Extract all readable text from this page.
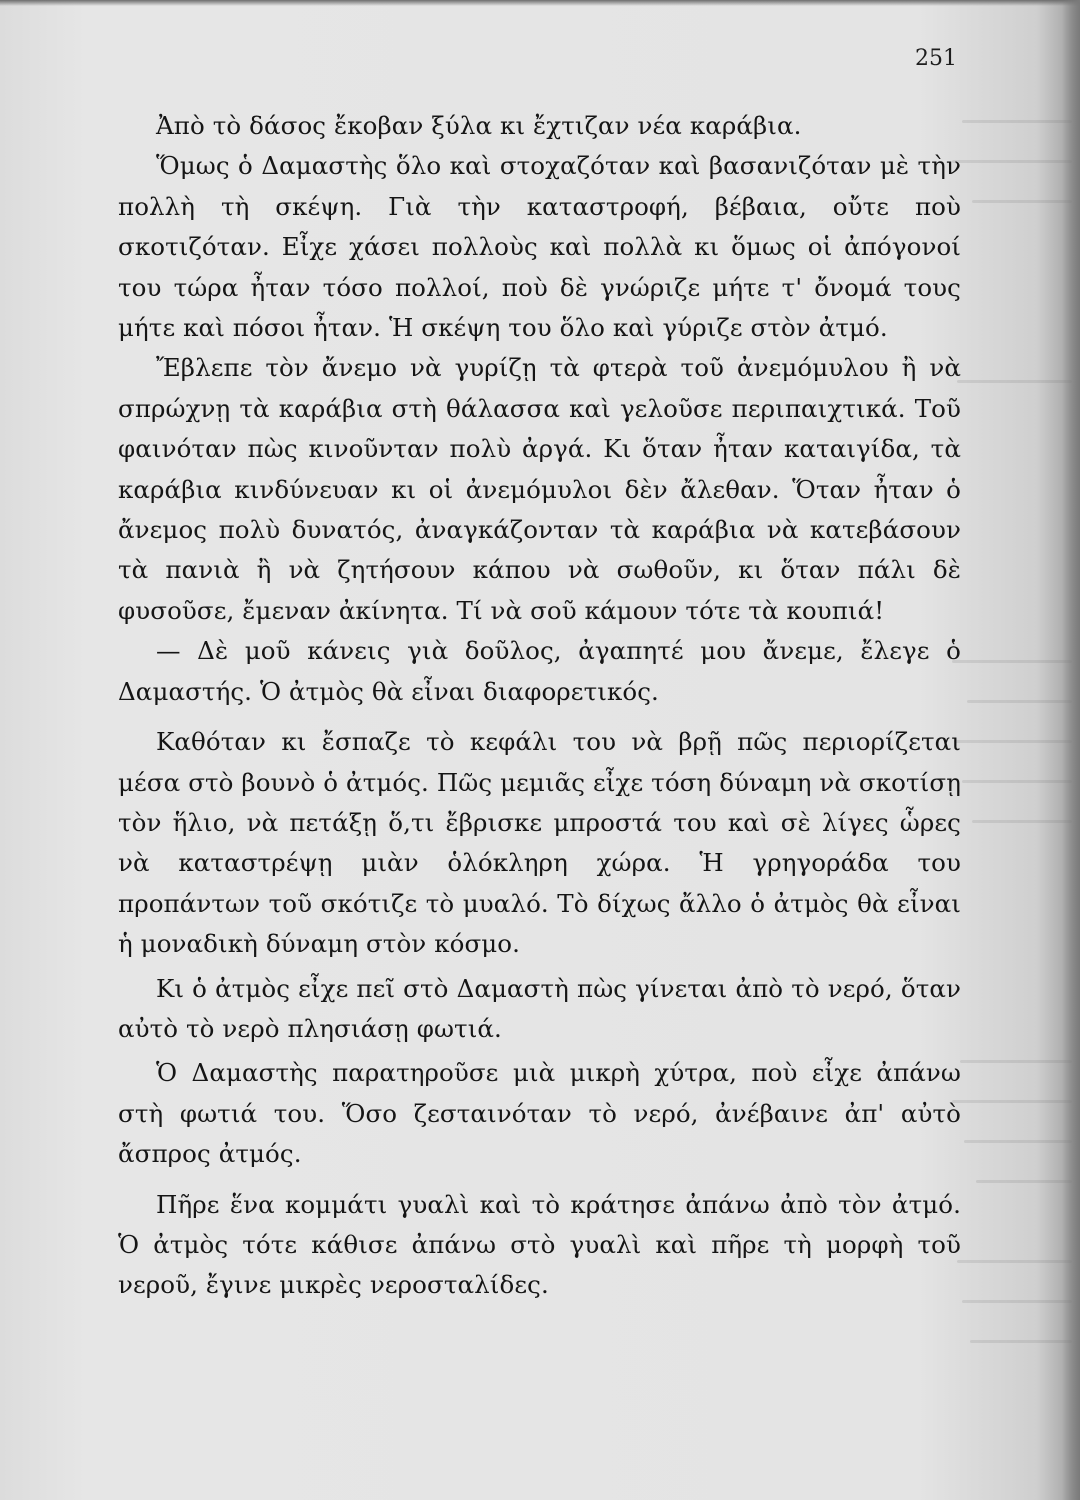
251

Ἀπὸ τὸ δάσος ἔκοβαν ξύλα κι ἔχτιζαν νέα καράβια.

Ὅμως ὁ Δαμαστὴς ὅλο καὶ στοχαζόταν καὶ βασανιζόταν μὲ τὴν πολλὴ τὴ σκέψη. Γιὰ τὴν καταστροφή, βέβαια, οὔτε ποὺ σκοτιζόταν. Εἶχε χάσει πολλοὺς καὶ πολλὰ κι ὅμως οἱ ἀπόγονοί του τώρα ἦταν τόσο πολλοί, ποὺ δὲ γνώριζε μήτε τ' ὄνομά τους μήτε καὶ πόσοι ἦταν. Ἡ σκέψη του ὅλο καὶ γύριζε στὸν ἀτμό.

Ἔβλεπε τὸν ἄνεμο νὰ γυρίζῃ τὰ φτερὰ τοῦ ἀνεμόμυλου ἢ νὰ σπρώχνῃ τὰ καράβια στὴ θάλασσα καὶ γελοῦσε περιπαιχτικά. Τοῦ φαινόταν πὼς κινοῦνταν πολὺ ἀργά. Κι ὅταν ἦταν καταιγίδα, τὰ καράβια κινδύνευαν κι οἱ ἀνεμόμυλοι δὲν ἄλεθαν. Ὅταν ἦταν ὁ ἄνεμος πολὺ δυνατός, ἀναγκάζονταν τὰ καράβια νὰ κατεβάσουν τὰ πανιὰ ἢ νὰ ζητήσουν κάπου νὰ σωθοῦν, κι ὅταν πάλι δὲ φυσοῦσε, ἔμεναν ἀκίνητα. Τί νὰ σοῦ κάμουν τότε τὰ κουπιά!

— Δὲ μοῦ κάνεις γιὰ δοῦλος, ἀγαπητέ μου ἄνεμε, ἔλεγε ὁ Δαμαστής. Ὁ ἀτμὸς θὰ εἶναι διαφορετικός.

Καθόταν κι ἔσπαζε τὸ κεφάλι του νὰ βρῇ πῶς περιορίζεται μέσα στὸ βουνὸ ὁ ἀτμός. Πῶς μεμιᾶς εἶχε τόση δύναμη νὰ σκοτίσῃ τὸν ἥλιο, νὰ πετάξῃ ὅ,τι ἔβρισκε μπροστά του καὶ σὲ λίγες ὧρες νὰ καταστρέψῃ μιὰν ὁλόκληρη χώρα. Ἡ γρηγοράδα του προπάντων τοῦ σκότιζε τὸ μυαλό. Τὸ δίχως ἄλλο ὁ ἀτμὸς θὰ εἶναι ἡ μοναδικὴ δύναμη στὸν κόσμο.

Κι ὁ ἀτμὸς εἶχε πεῖ στὸ Δαμαστὴ πὼς γίνεται ἀπὸ τὸ νερό, ὅταν αὐτὸ τὸ νερὸ πλησιάσῃ φωτιά.

Ὁ Δαμαστὴς παρατηροῦσε μιὰ μικρὴ χύτρα, ποὺ εἶχε ἀπάνω στὴ φωτιά του. Ὅσο ζεσταινόταν τὸ νερό, ἀνέβαινε ἀπ' αὐτὸ ἄσπρος ἀτμός.

Πῆρε ἕνα κομμάτι γυαλὶ καὶ τὸ κράτησε ἀπάνω ἀπὸ τὸν ἀτμό. Ὁ ἀτμὸς τότε κάθισε ἀπάνω στὸ γυαλὶ καὶ πῆρε τὴ μορφὴ τοῦ νεροῦ, ἔγινε μικρὲς νεροσταλίδες.
